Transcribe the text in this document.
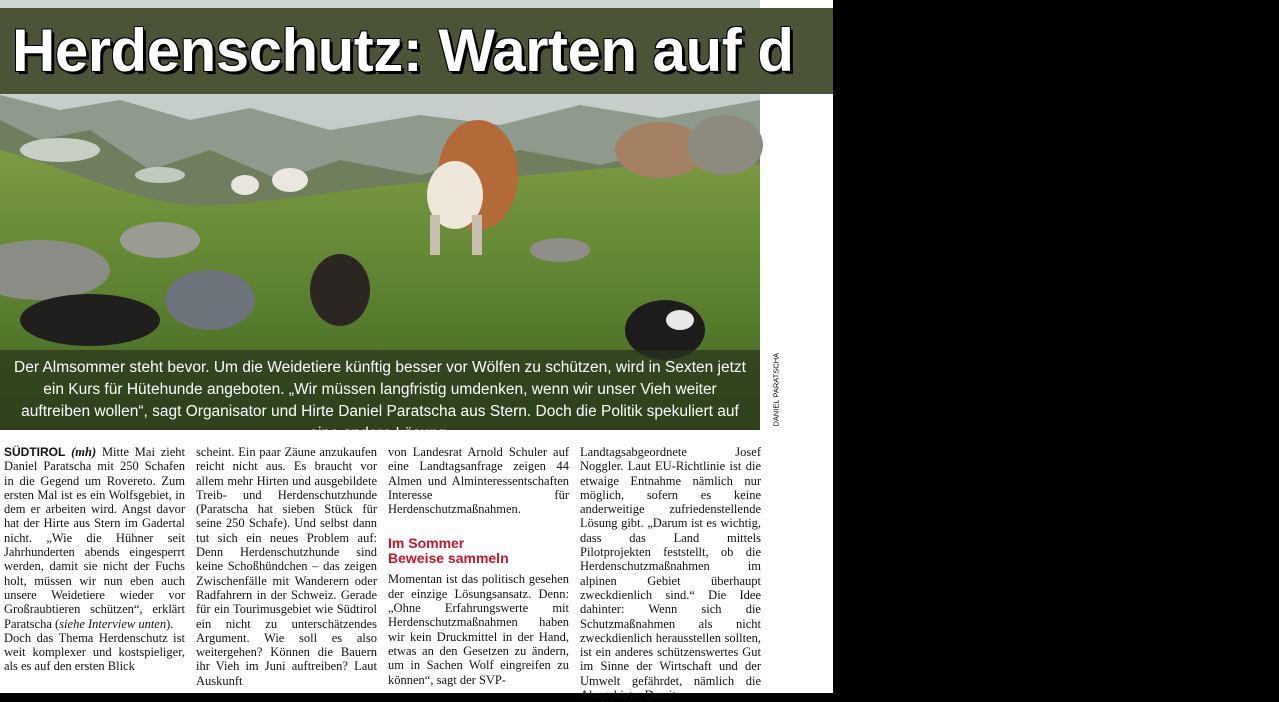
Herdenschutz: Warten auf d

Der Almsommer steht bevor. Um die Weidetiere künftig besser vor Wölfen zu schützen, wird in Sexten jetzt ein Kurs für Hütehunde angeboten. „Wir müssen langfristig umdenken, wenn wir unser Vieh weiter auftreiben wollen“, sagt Organisator und Hirte Daniel Paratscha aus Stern. Doch die Politik spekuliert auf eine andere Lösung.

DANIEL PARATSCHA

SÜDTIROL (mh) Mitte Mai zieht Daniel Paratscha mit 250 Schafen in die Gegend um Rovereto. Zum ersten Mal ist es ein Wolfsgebiet, in dem er arbeiten wird. Angst davor hat der Hirte aus Stern im Gadertal nicht. „Wie die Hühner seit Jahrhunderten abends eingesperrt werden, damit sie nicht der Fuchs holt, müssen wir nun eben auch unsere Weidetiere wieder vor Großraubtieren schützen“, erklärt Paratscha (siehe Interview unten).

Doch das Thema Herdenschutz ist weit komplexer und kostspieliger, als es auf den ersten Blick

scheint. Ein paar Zäune anzukaufen reicht nicht aus. Es braucht vor allem mehr Hirten und ausgebildete Treib- und Herdenschutzhunde (Paratscha hat sieben Stück für seine 250 Schafe). Und selbst dann tut sich ein neues Problem auf: Denn Herdenschutzhunde sind keine Schoßhündchen – das zeigen Zwischenfälle mit Wanderern oder Radfahrern in der Schweiz. Gerade für ein Tourimusgebiet wie Südtirol ein nicht zu unterschätzendes Argument. Wie soll es also weitergehen? Können die Bauern ihr Vieh im Juni auftreiben? Laut Auskunft

von Landesrat Arnold Schuler auf eine Landtagsanfrage zeigen 44 Almen und Alminteressentschaften Interesse für Herdenschutzmaßnahmen.

Im Sommer
Beweise sammeln

Momentan ist das politisch gesehen der einzige Lösungsansatz. Denn: „Ohne Erfahrungswerte mit Herdenschutzmaßnahmen haben wir kein Druckmittel in der Hand, etwas an den Gesetzen zu ändern, um in Sachen Wolf eingreifen zu können“, sagt der SVP-

Landtagsabgeordnete Josef Noggler. Laut EU-Richtlinie ist die etwaige Entnahme nämlich nur möglich, sofern es keine anderweitige zufriedenstellende Lösung gibt. „Darum ist es wichtig, dass das Land mittels Pilotprojekten feststellt, ob die Herdenschutzmaßnahmen im alpinen Gebiet überhaupt zweckdienlich sind.“ Die Idee dahinter: Wenn sich die Schutzmaßnahmen als nicht zweckdienlich herausstellen sollten, ist ein anderes schützenswertes Gut im Sinne der Wirtschaft und der Umwelt gefährdet, nämlich die Almgebiete. Damit
